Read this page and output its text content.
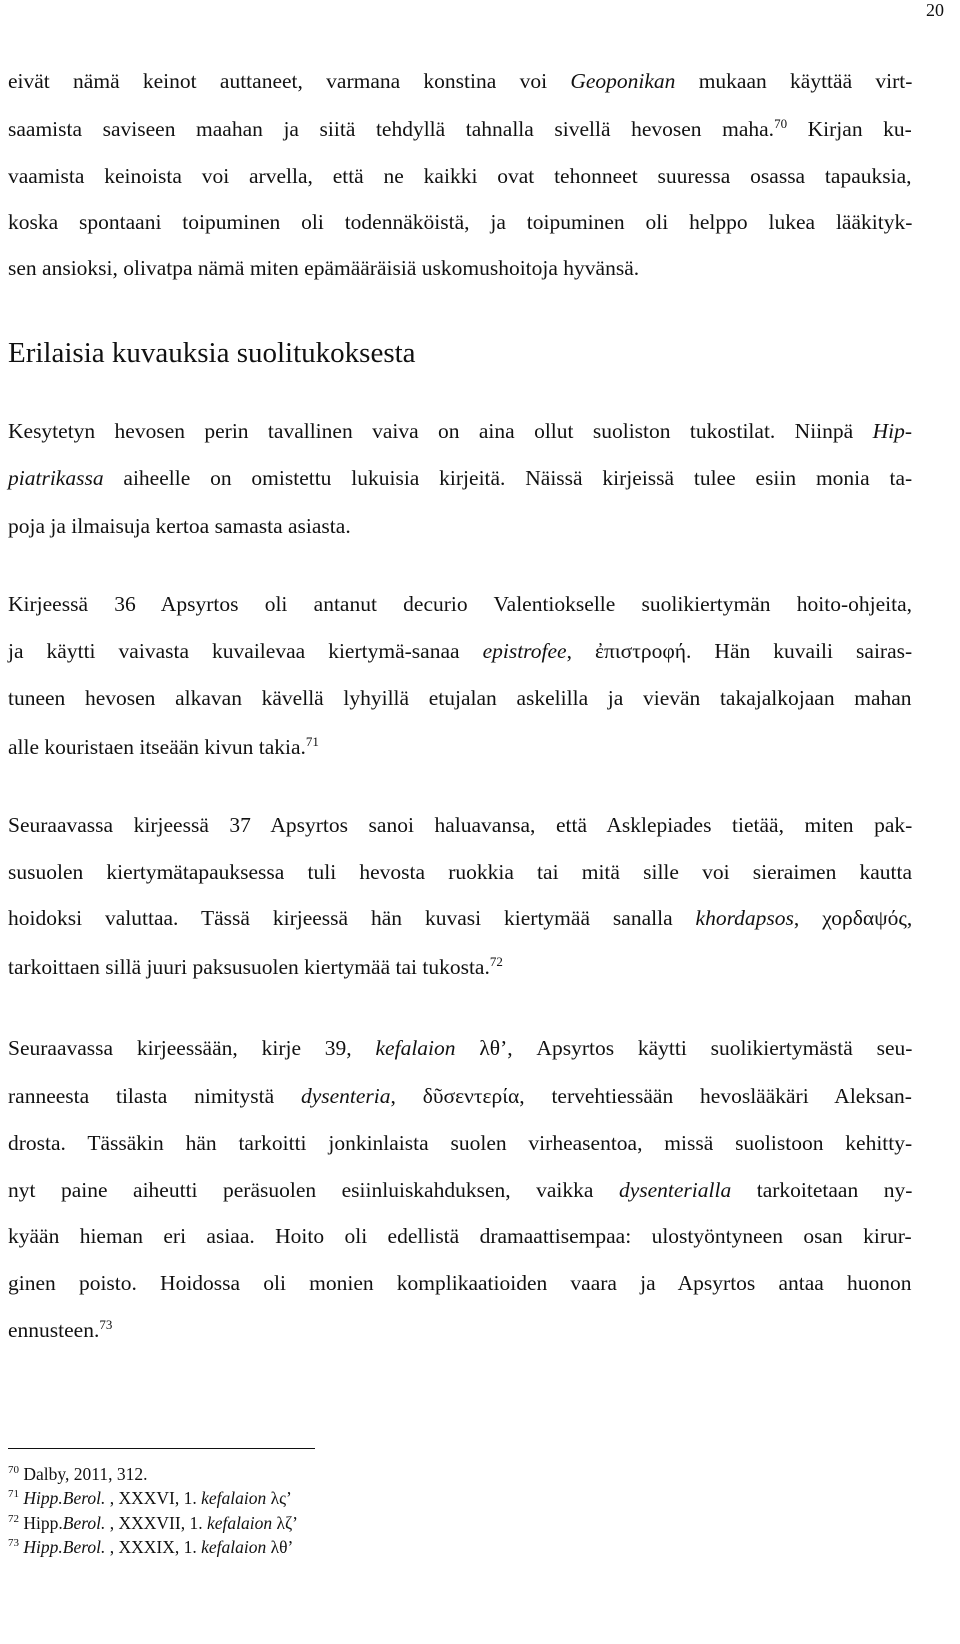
20
eivät nämä keinot auttaneet, varmana konstina voi Geoponikan mukaan käyttää virt-
saamista saviseen maahan ja siitä tehdyllä tahnalla sivellä hevosen maha.$^{70}$ Kirjan ku-
vaamista keinoista voi arvella, että ne kaikki ovat tehonneet suuressa osassa tapauksia,
koska spontaani toipuminen oli todennäköistä, ja toipuminen oli helppo lukea lääkityk-
sen ansioksi, olivatpa nämä miten epämääräisiä uskomushoitoja hyvänsä.
Erilaisia kuvauksia suolitukoksesta
Kesytetyn hevosen perin tavallinen vaiva on aina ollut suoliston tukostilat. Niinpä Hip-
piatrikassa aiheelle on omistettu lukuisia kirjeitä. Näissä kirjeissä tulee esiin monia ta-
poja ja ilmaisuja kertoa samasta asiasta.
Kirjeessä 36 Apsyrtos oli antanut decurio Valentiokselle suolikiertymän hoito-ohjeita,
ja käytti vaivasta kuvailevaa kiertymä-sanaa epistrofee, ἐπιστροφή. Hän kuvaili sairas-
tuneen hevosen alkavan kävellä lyhyillä etujalan askelilla ja vievän takajalkojaan mahan
alle kouristaen itseään kivun takia.$^{71}$
Seuraavassa kirjeessä 37 Apsyrtos sanoi haluavansa, että Asklepiades tietää, miten pak-
susuolen kiertymätapauksessa tuli hevosta ruokkia tai mitä sille voi sieraimen kautta
hoidoksi valuttaa. Tässä kirjeessä hän kuvasi kiertymää sanalla khordapsos, χορδαψός,
tarkoittaen sillä juuri paksusuolen kiertymää tai tukosta.$^{72}$
Seuraavassa kirjeessään, kirje 39, kefalaion λθ’, Apsyrtos käytti suolikiertymästä seu-
ranneesta tilasta nimitystä dysenteria, δῦσεντερία, tervehtiessään hevoslääkäri Aleksan-
drosta. Tässäkin hän tarkoitti jonkinlaista suolen virheasentoa, missä suolistoon kehitty-
nyt paine aiheutti peräsuolen esiinluiskahduksen, vaikka dysenterialla tarkoitetaan ny-
kyään hieman eri asiaa. Hoito oli edellistä dramaattisempaa: ulostyöntyneen osan kirur-
ginen poisto. Hoidossa oli monien komplikaatioiden vaara ja Apsyrtos antaa huonon
ennusteen.$^{73}$
$^{70}$ Dalby, 2011, 312.
$^{71}$ Hipp.Berol. , XXXVI, 1. kefalaion λς’
$^{72}$ Hipp.Berol. , XXXVII, 1. kefalaion λζ’
$^{73}$ Hipp.Berol. , XXXIX, 1. kefalaion λθ’
